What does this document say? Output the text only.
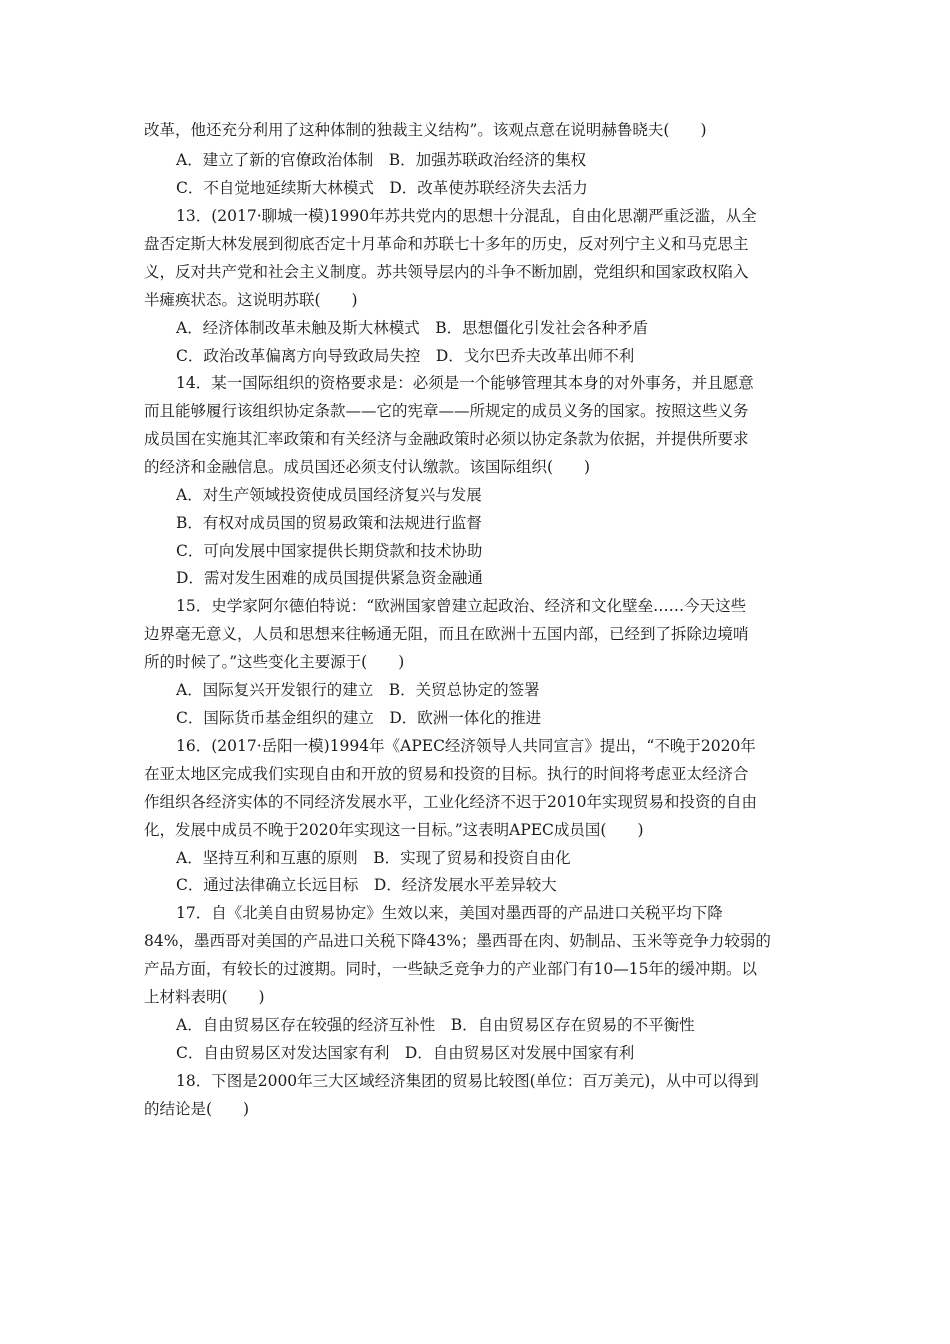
改革，他还充分利用了这种体制的独裁主义结构”。该观点意在说明赫鲁晓夫(　　)
A．建立了新的官僚政治体制　B．加强苏联政治经济的集权
C．不自觉地延续斯大林模式　D．改革使苏联经济失去活力
13．(2017·聊城一模)1990年苏共党内的思想十分混乱，自由化思潮严重泛滥，从全
盘否定斯大林发展到彻底否定十月革命和苏联七十多年的历史，反对列宁主义和马克思主
义，反对共产党和社会主义制度。苏共领导层内的斗争不断加剧，党组织和国家政权陷入
半瘫痪状态。这说明苏联(　　)
A．经济体制改革未触及斯大林模式　B．思想僵化引发社会各种矛盾
C．政治改革偏离方向导致政局失控　D．戈尔巴乔夫改革出师不利
14．某一国际组织的资格要求是：必须是一个能够管理其本身的对外事务，并且愿意
而且能够履行该组织协定条款——它的宪章——所规定的成员义务的国家。按照这些义务
成员国在实施其汇率政策和有关经济与金融政策时必须以协定条款为依据，并提供所要求
的经济和金融信息。成员国还必须支付认缴款。该国际组织(　　)
A．对生产领域投资使成员国经济复兴与发展
B．有权对成员国的贸易政策和法规进行监督
C．可向发展中国家提供长期贷款和技术协助
D．需对发生困难的成员国提供紧急资金融通
15．史学家阿尔德伯特说：“欧洲国家曾建立起政治、经济和文化壁垒……今天这些
边界毫无意义，人员和思想来往畅通无阻，而且在欧洲十五国内部，已经到了拆除边境哨
所的时候了。”这些变化主要源于(　　)
A．国际复兴开发银行的建立　B．关贸总协定的签署
C．国际货币基金组织的建立　D．欧洲一体化的推进
16．(2017·岳阳一模)1994年《APEC经济领导人共同宣言》提出，“不晚于2020年
在亚太地区完成我们实现自由和开放的贸易和投资的目标。执行的时间将考虑亚太经济合
作组织各经济实体的不同经济发展水平，工业化经济不迟于2010年实现贸易和投资的自由
化，发展中成员不晚于2020年实现这一目标。”这表明APEC成员国(　　)
A．坚持互利和互惠的原则　B．实现了贸易和投资自由化
C．通过法律确立长远目标　D．经济发展水平差异较大
17．自《北美自由贸易协定》生效以来，美国对墨西哥的产品进口关税平均下降
84%，墨西哥对美国的产品进口关税下降43%；墨西哥在肉、奶制品、玉米等竞争力较弱的
产品方面，有较长的过渡期。同时，一些缺乏竞争力的产业部门有10—15年的缓冲期。以
上材料表明(　　)
A．自由贸易区存在较强的经济互补性　B．自由贸易区存在贸易的不平衡性
C．自由贸易区对发达国家有利　D．自由贸易区对发展中国家有利
18．下图是2000年三大区域经济集团的贸易比较图(单位：百万美元)，从中可以得到
的结论是(　　)
